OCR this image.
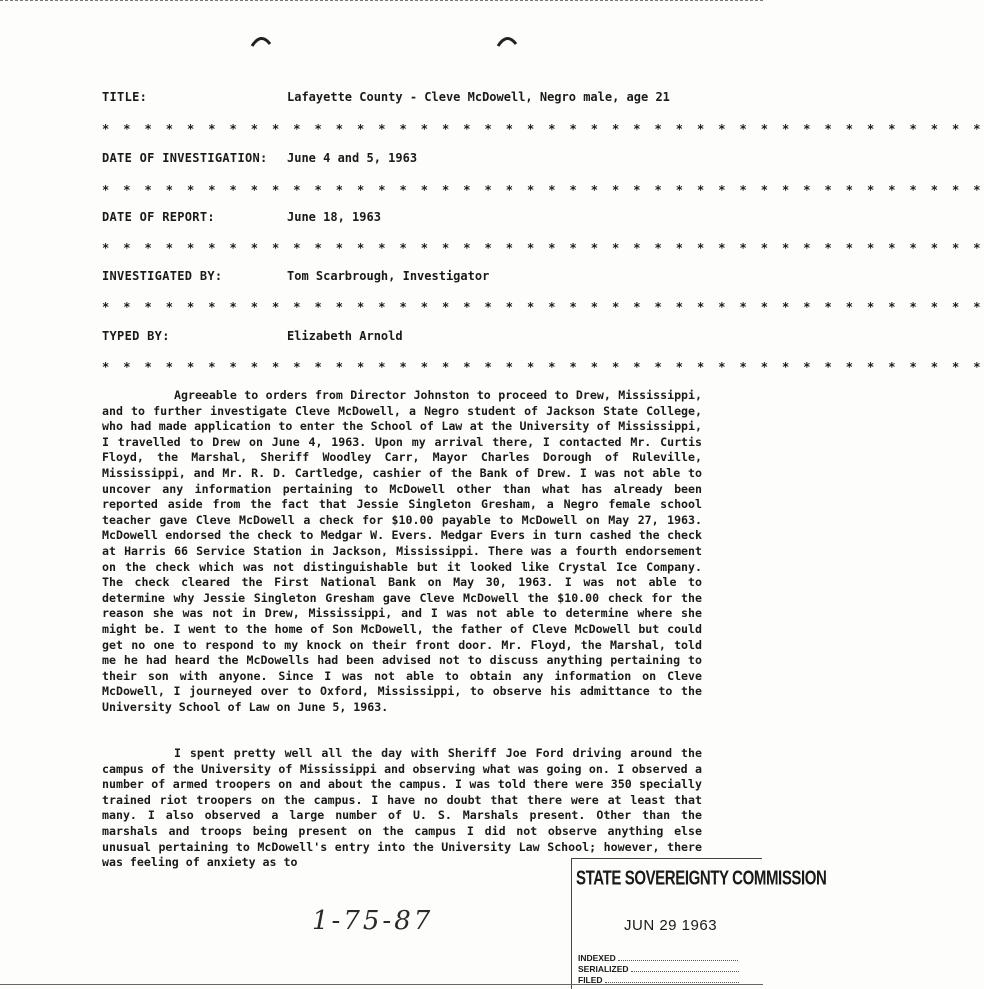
TITLE:	Lafayette County - Cleve McDowell, Negro male, age 21
* * * * * * * * * * * * * * * * * * * * * * * * * * * * * * * * * * * * * * * * * *
DATE OF INVESTIGATION: June 4 and 5, 1963
* * * * * * * * * * * * * * * * * * * * * * * * * * * * * * * * * * * * * * * * * *
DATE OF REPORT:	June 18, 1963
* * * * * * * * * * * * * * * * * * * * * * * * * * * * * * * * * * * * * * * * * *
INVESTIGATED BY:	Tom Scarbrough, Investigator
* * * * * * * * * * * * * * * * * * * * * * * * * * * * * * * * * * * * * * * * * *
TYPED BY:	Elizabeth Arnold
* * * * * * * * * * * * * * * * * * * * * * * * * * * * * * * * * * * * * * * * * *

Agreeable to orders from Director Johnston to proceed to Drew, Mississippi, and to further investigate Cleve McDowell, a Negro student of Jackson State College, who had made application to enter the School of Law at the University of Mississippi, I travelled to Drew on June 4, 1963. Upon my arrival there, I contacted Mr. Curtis Floyd, the Marshal, Sheriff Woodley Carr, Mayor Charles Dorough of Ruleville, Mississippi, and Mr. R. D. Cartledge, cashier of the Bank of Drew. I was not able to uncover any information pertaining to McDowell other than what has already been reported aside from the fact that Jessie Singleton Gresham, a Negro female school teacher gave Cleve McDowell a check for $10.00 payable to McDowell on May 27, 1963. McDowell endorsed the check to Medgar W. Evers. Medgar Evers in turn cashed the check at Harris 66 Service Station in Jackson, Mississippi. There was a fourth endorsement on the check which was not distinguishable but it looked like Crystal Ice Company. The check cleared the First National Bank on May 30, 1963. I was not able to determine why Jessie Singleton Gresham gave Cleve McDowell the $10.00 check for the reason she was not in Drew, Mississippi, and I was not able to determine where she might be. I went to the home of Son McDowell, the father of Cleve McDowell but could get no one to respond to my knock on their front door. Mr. Floyd, the Marshal, told me he had heard the McDowells had been advised not to discuss anything pertaining to their son with anyone. Since I was not able to obtain any information on Cleve McDowell, I journeyed over to Oxford, Mississippi, to observe his admittance to the University School of Law on June 5, 1963.

I spent pretty well all the day with Sheriff Joe Ford driving around the campus of the University of Mississippi and observing what was going on. I observed a number of armed troopers on and about the campus. I was told there were 350 specially trained riot troopers on the campus. I have no doubt that there were at least that many. I also observed a large number of U. S. Marshals present. Other than the marshals and troops being present on the campus I did not observe anything else unusual pertaining to McDowell's entry into the University Law School; however, there was feeling of anxiety as to

1-75-87
STATE SOVEREIGNTY COMMISSION
JUN 29 1963
INDEXED
SERIALIZED
FILED
